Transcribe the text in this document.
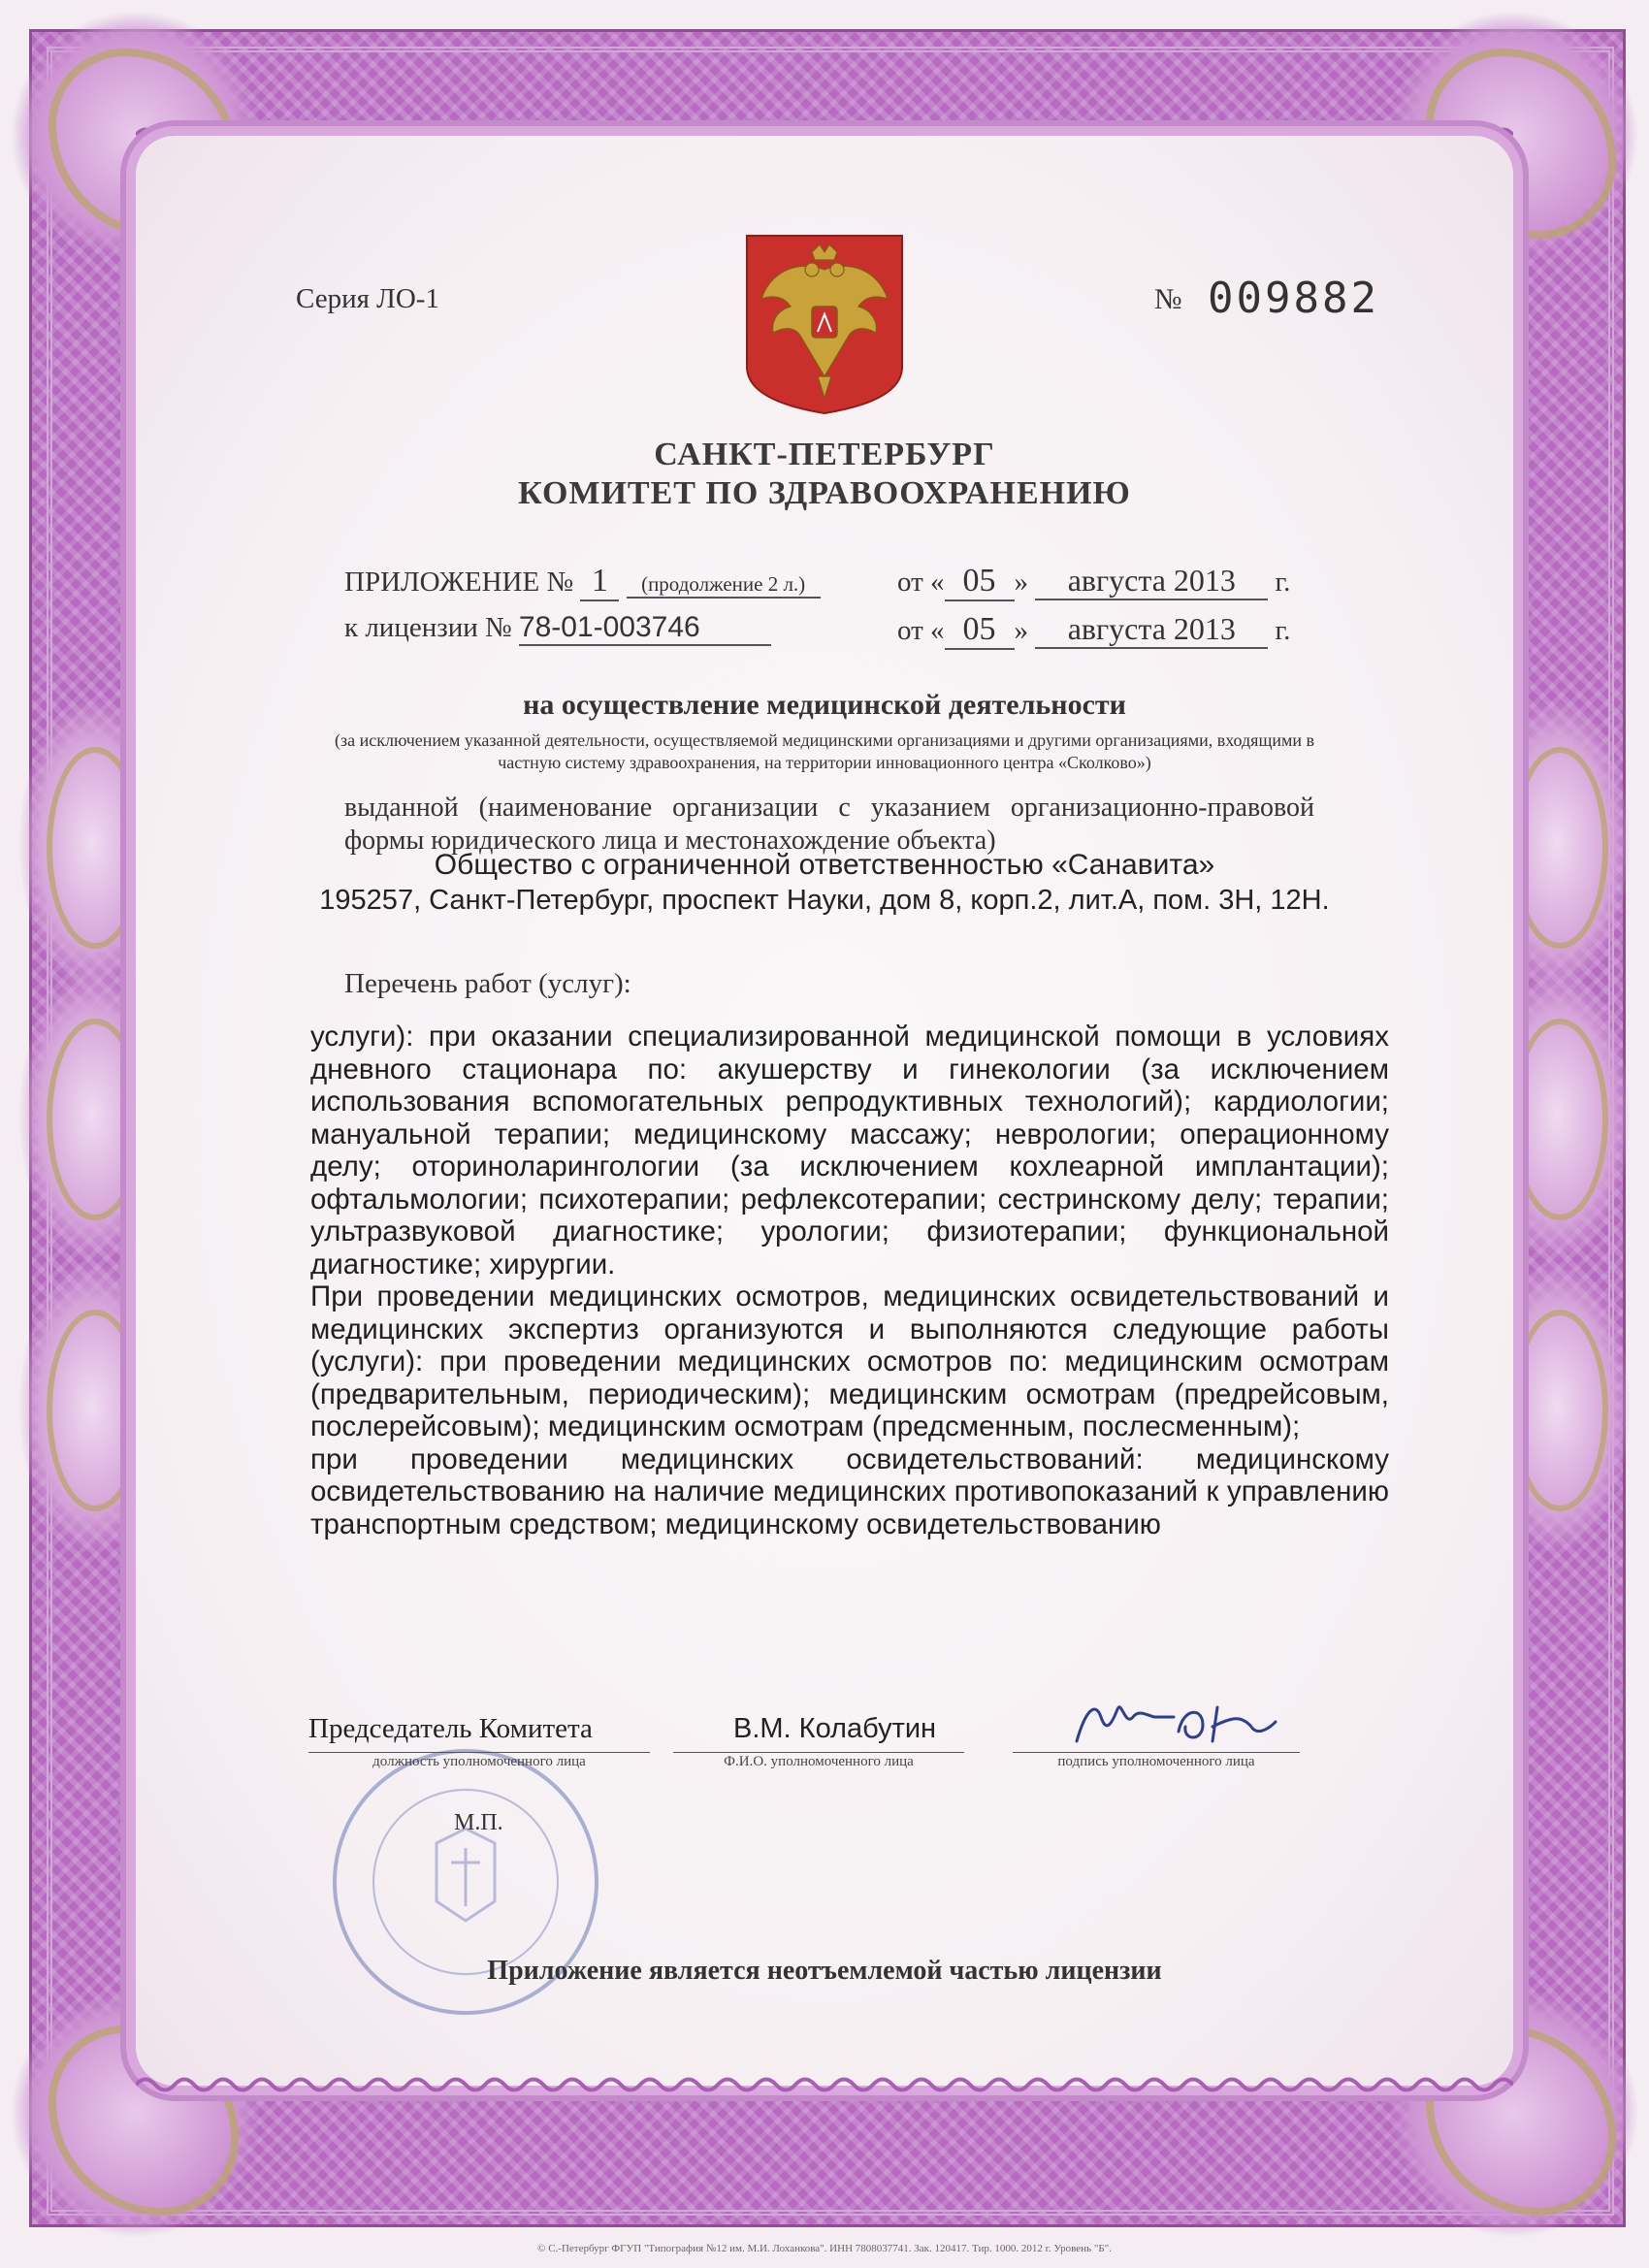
Серия ЛО-1	№ 009882
САНКТ-ПЕТЕРБУРГ
КОМИТЕТ ПО ЗДРАВООХРАНЕНИЮ
ПРИЛОЖЕНИЕ № 1 (продолжение 2 л.)	от « 05 » августа 2013 г.
к лицензии № 78-01-003746	от « 05 » августа 2013 г.
на осуществление медицинской деятельности
(за исключением указанной деятельности, осуществляемой медицинскими организациями и другими организациями, входящими в частную систему здравоохранения, на территории инновационного центра «Сколково»)
выданной (наименование организации с указанием организационно-правовой формы юридического лица и местонахождение объекта)
Общество с ограниченной ответственностью «Санавита»
195257, Санкт-Петербург, проспект Науки, дом 8, корп.2, лит.А, пом. 3Н, 12Н.
Перечень работ (услуг):

услуги): при оказании специализированной медицинской помощи в условиях дневного стационара по: акушерству и гинекологии (за исключением использования вспомогательных репродуктивных технологий); кардиологии; мануальной терапии; медицинскому массажу; неврологии; операционному делу; оториноларингологии (за исключением кохлеарной имплантации); офтальмологии; психотерапии; рефлексотерапии; сестринскому делу; терапии; ультразвуковой диагностике; урологии; физиотерапии; функциональной диагностике; хирургии.

При проведении медицинских осмотров, медицинских освидетельствований и медицинских экспертиз организуются и выполняются следующие работы (услуги): при проведении медицинских осмотров по: медицинским осмотрам (предварительным, периодическим); медицинским осмотрам (предрейсовым, послерейсовым); медицинским осмотрам (предсменным, послесменным);

при проведении медицинских освидетельствований: медицинскому освидетельствованию на наличие медицинских противопоказаний к управлению транспортным средством; медицинскому освидетельствованию

Председатель Комитета
должность уполномоченного лица
В.М. Колабутин
Ф.И.О. уполномоченного лица	подпись уполномоченного лица
М.П.
Приложение является неотъемлемой частью лицензии
© С.-Петербург ФГУП "Типография №12 им. М.И. Лоханкова". ИНН 7808037741. Зак. 120417. Тир. 1000. 2012 г. Уровень "Б".
